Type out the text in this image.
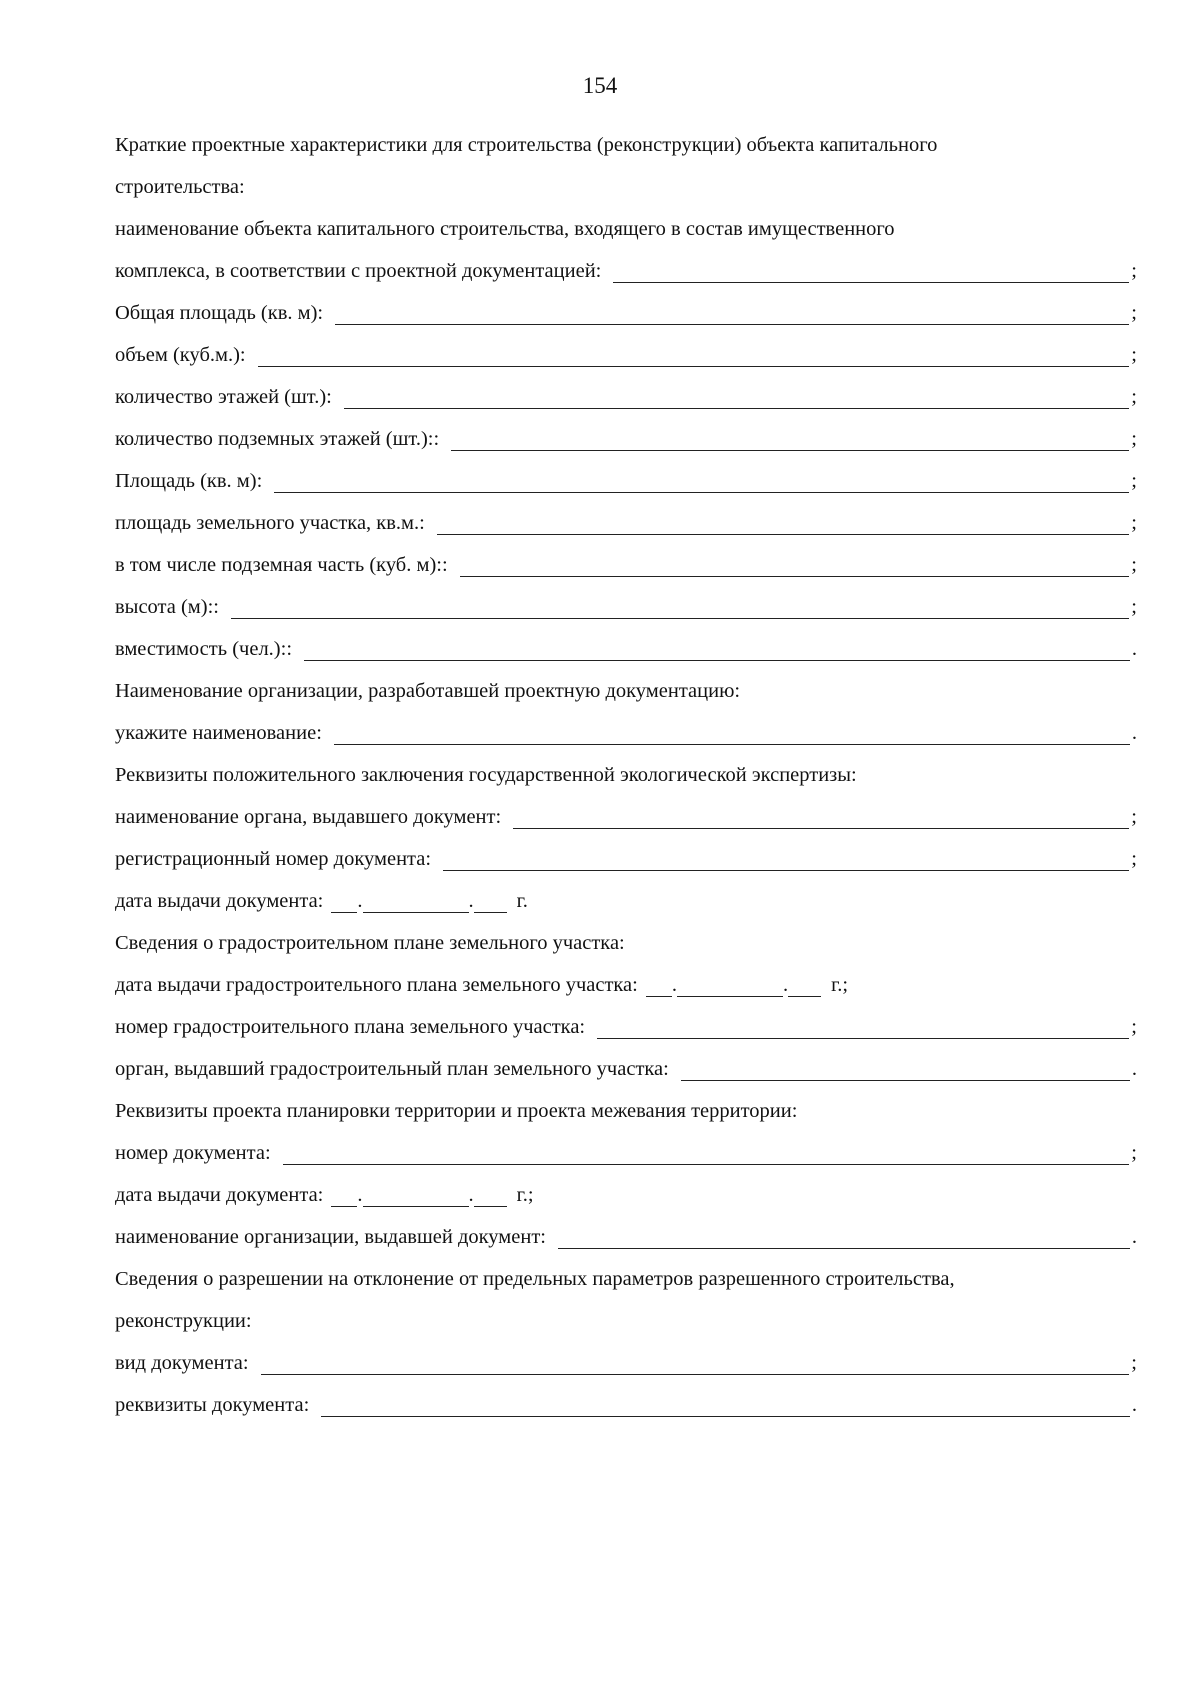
154
Краткие проектные характеристики для строительства (реконструкции) объекта капитального
строительства:
наименование объекта капитального строительства, входящего в состав имущественного
комплекса, в соответствии с проектной документацией:	;
Общая площадь (кв. м):	;
объем (куб.м.):	;
количество этажей (шт.):	;
количество подземных этажей (шт.)::	;
Площадь (кв. м):	;
площадь земельного участка, кв.м.:	;
в том числе подземная часть (куб. м)::	;
высота (м)::	;
вместимость (чел.)::	.
Наименование организации, разработавшей проектную документацию:
укажите наименование:	.
Реквизиты положительного заключения государственной экологической экспертизы:
наименование органа, выдавшего документ:	;
регистрационный номер документа:	;
дата выдачи документа: .	. г.
Сведения о градостроительном плане земельного участка:
дата выдачи градостроительного плана земельного участка: .	. г.;
номер градостроительного плана земельного участка:	;
орган, выдавший градостроительный план земельного участка:	.
Реквизиты проекта планировки территории и проекта межевания территории:
номер документа:	;
дата выдачи документа: .	. г.;
наименование организации, выдавшей документ:	.
Сведения о разрешении на отклонение от предельных параметров разрешенного строительства,
реконструкции:
вид документа:	;
реквизиты документа:	.
